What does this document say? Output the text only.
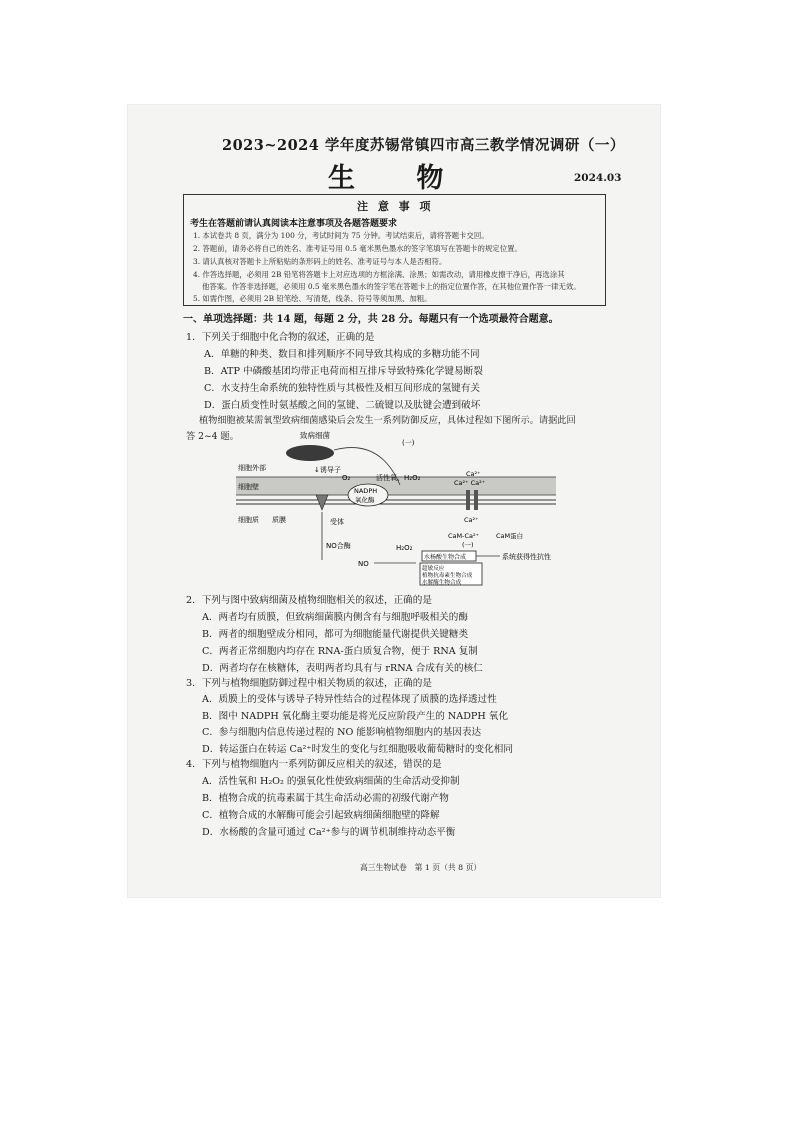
2023~2024 学年度苏锡常镇四市高三教学情况调研（一）
生 物	2024.03
注 意 事 项
考生在答题前请认真阅读本注意事项及各题答题要求
1. 本试卷共 8 页，满分为 100 分，考试时间为 75 分钟。考试结束后，请将答题卡交回。
2. 答题前，请务必将自己的姓名、准考证号用 0.5 毫米黑色墨水的签字笔填写在答题卡的规定位置。
3. 请认真核对答题卡上所粘贴的条形码上的姓名、准考证号与本人是否相符。
4. 作答选择题，必须用 2B 铅笔将答题卡上对应选项的方框涂满、涂黑；如需改动，请用橡皮擦干净后，再选涂其
他答案。作答非选择题，必须用 0.5 毫米黑色墨水的签字笔在答题卡上的指定位置作答，在其他位置作答一律无效。
5. 如需作图，必须用 2B 铅笔绘、写清楚，线条、符号等须加黑、加粗。
一、单项选择题：共 14 题，每题 2 分，共 28 分。每题只有一个选项最符合题意。
1．下列关于细胞中化合物的叙述，正确的是
A．单糖的种类、数目和排列顺序不同导致其构成的多糖功能不同
B．ATP 中磷酸基团均带正电荷而相互排斥导致特殊化学键易断裂
C．水支持生命系统的独特性质与其极性及相互间形成的氢键有关
D．蛋白质变性时氨基酸之间的氢键、二硫键以及肽键会遭到破坏
植物细胞被某需氧型致病细菌感染后会发生一系列防御反应，具体过程如下图所示。请据此回
答 2~4 题。	致病细菌
(一)
细胞外部	↓诱导子
细胞壁
细胞质 质膜	受体
NADPH
氧化酶
O₂	活性氧、H₂O₂	Ca²⁺
Ca²⁺ Ca²⁺
Ca²⁺
CaM-Ca²⁺
(一)
CaM蛋白
NO合酶
NO
H₂O₂
水杨酸生物合成
超敏反应
植物抗毒素生物合成
水解酶生物合成
系统获得性抗性
2．下列与图中致病细菌及植物细胞相关的叙述，正确的是
A．两者均有质膜，但致病细菌膜内侧含有与细胞呼吸相关的酶
B．两者的细胞壁成分相同，都可为细胞能量代谢提供关键糖类
C．两者正常细胞内均存在 RNA-蛋白质复合物，便于 RNA 复制
D．两者均存在核糖体，表明两者均具有与 rRNA 合成有关的核仁
3．下列与植物细胞防御过程中相关物质的叙述，正确的是
A．质膜上的受体与诱导子特异性结合的过程体现了质膜的选择透过性
B．图中 NADPH 氧化酶主要功能是将光反应阶段产生的 NADPH 氧化
C．参与细胞内信息传递过程的 NO 能影响植物细胞内的基因表达
D．转运蛋白在转运 Ca²⁺时发生的变化与红细胞吸收葡萄糖时的变化相同
4．下列与植物细胞内一系列防御反应相关的叙述，错误的是
A．活性氧和 H₂O₂ 的强氧化性使致病细菌的生命活动受抑制
B．植物合成的抗毒素属于其生命活动必需的初级代谢产物
C．植物合成的水解酶可能会引起致病细菌细胞壁的降解
D．水杨酸的含量可通过 Ca²⁺参与的调节机制维持动态平衡
高三生物试卷　第 1 页（共 8 页）
